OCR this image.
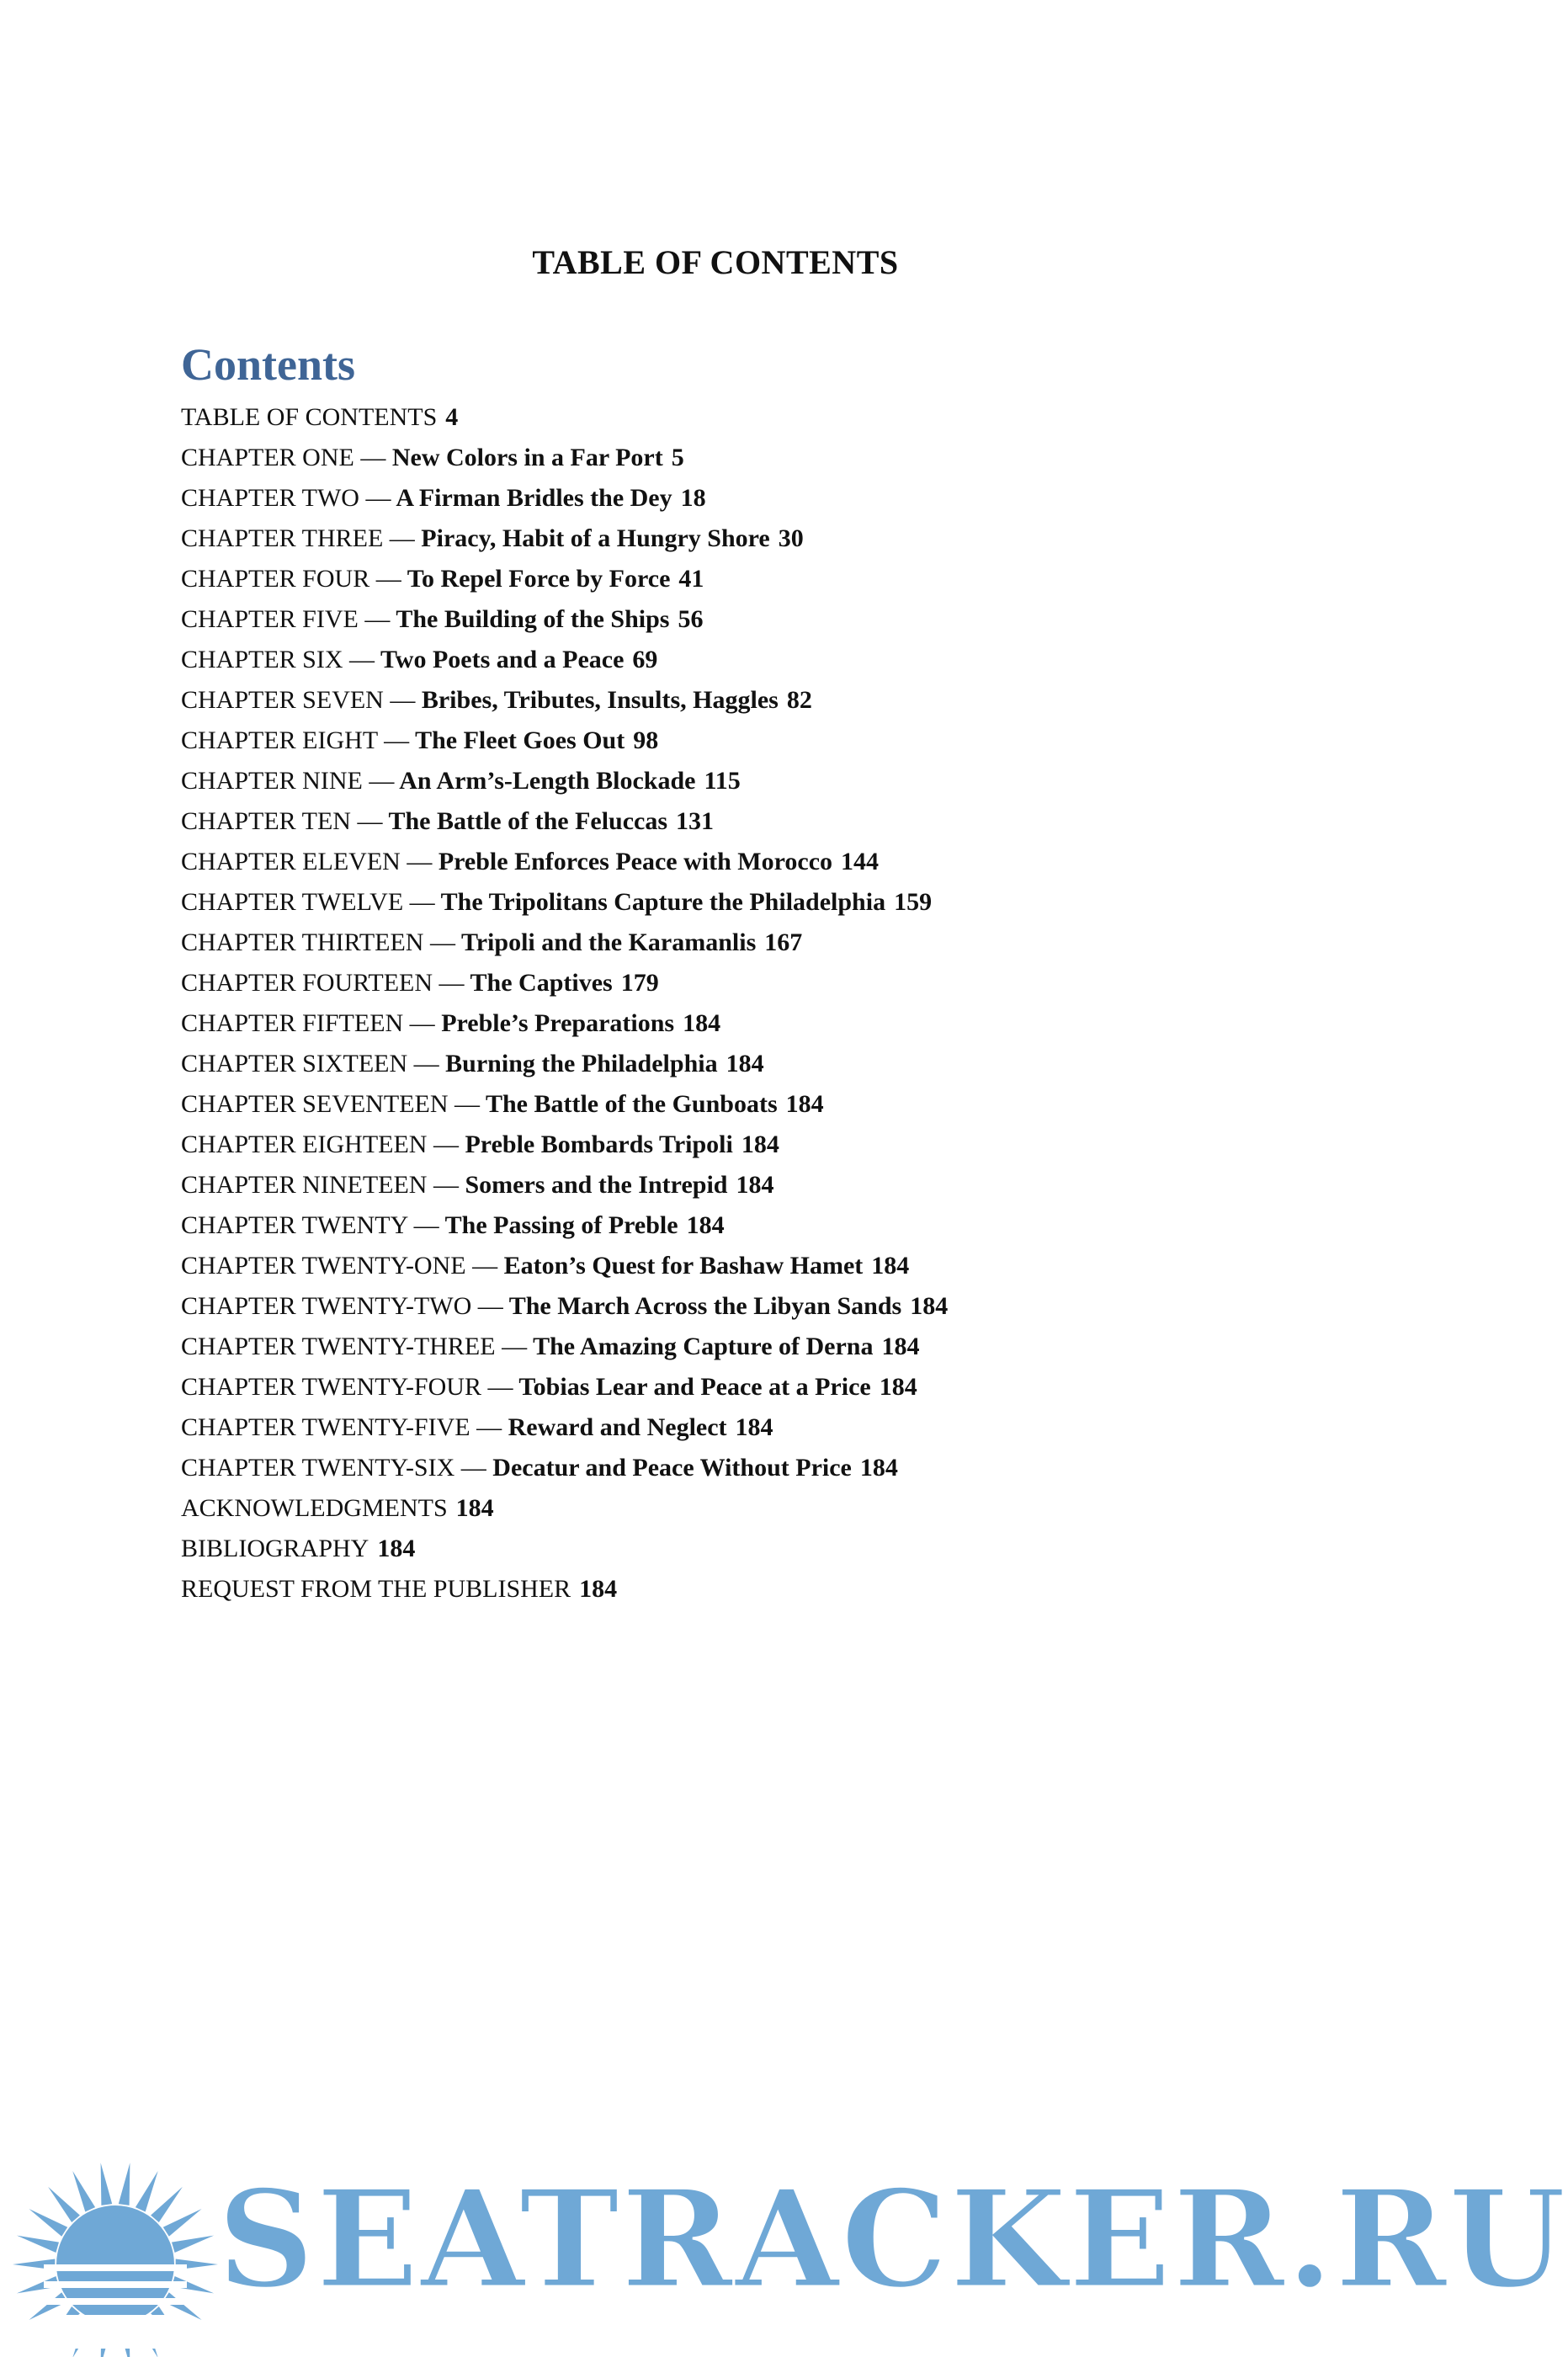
TABLE OF CONTENTS
Contents
TABLE OF CONTENTS 4
CHAPTER ONE — New Colors in a Far Port 5
CHAPTER TWO — A Firman Bridles the Dey 18
CHAPTER THREE — Piracy, Habit of a Hungry Shore 30
CHAPTER FOUR — To Repel Force by Force 41
CHAPTER FIVE — The Building of the Ships 56
CHAPTER SIX — Two Poets and a Peace 69
CHAPTER SEVEN — Bribes, Tributes, Insults, Haggles 82
CHAPTER EIGHT — The Fleet Goes Out 98
CHAPTER NINE — An Arm’s-Length Blockade 115
CHAPTER TEN — The Battle of the Feluccas 131
CHAPTER ELEVEN — Preble Enforces Peace with Morocco 144
CHAPTER TWELVE — The Tripolitans Capture the Philadelphia 159
CHAPTER THIRTEEN — Tripoli and the Karamanlis 167
CHAPTER FOURTEEN — The Captives 179
CHAPTER FIFTEEN — Preble’s Preparations 184
CHAPTER SIXTEEN — Burning the Philadelphia 184
CHAPTER SEVENTEEN — The Battle of the Gunboats 184
CHAPTER EIGHTEEN — Preble Bombards Tripoli 184
CHAPTER NINETEEN — Somers and the Intrepid 184
CHAPTER TWENTY — The Passing of Preble 184
CHAPTER TWENTY-ONE — Eaton’s Quest for Bashaw Hamet 184
CHAPTER TWENTY-TWO — The March Across the Libyan Sands 184
CHAPTER TWENTY-THREE — The Amazing Capture of Derna 184
CHAPTER TWENTY-FOUR — Tobias Lear and Peace at a Price 184
CHAPTER TWENTY-FIVE — Reward and Neglect 184
CHAPTER TWENTY-SIX — Decatur and Peace Without Price 184
ACKNOWLEDGMENTS 184
BIBLIOGRAPHY 184
REQUEST FROM THE PUBLISHER 184
SEATRACKER.RU
